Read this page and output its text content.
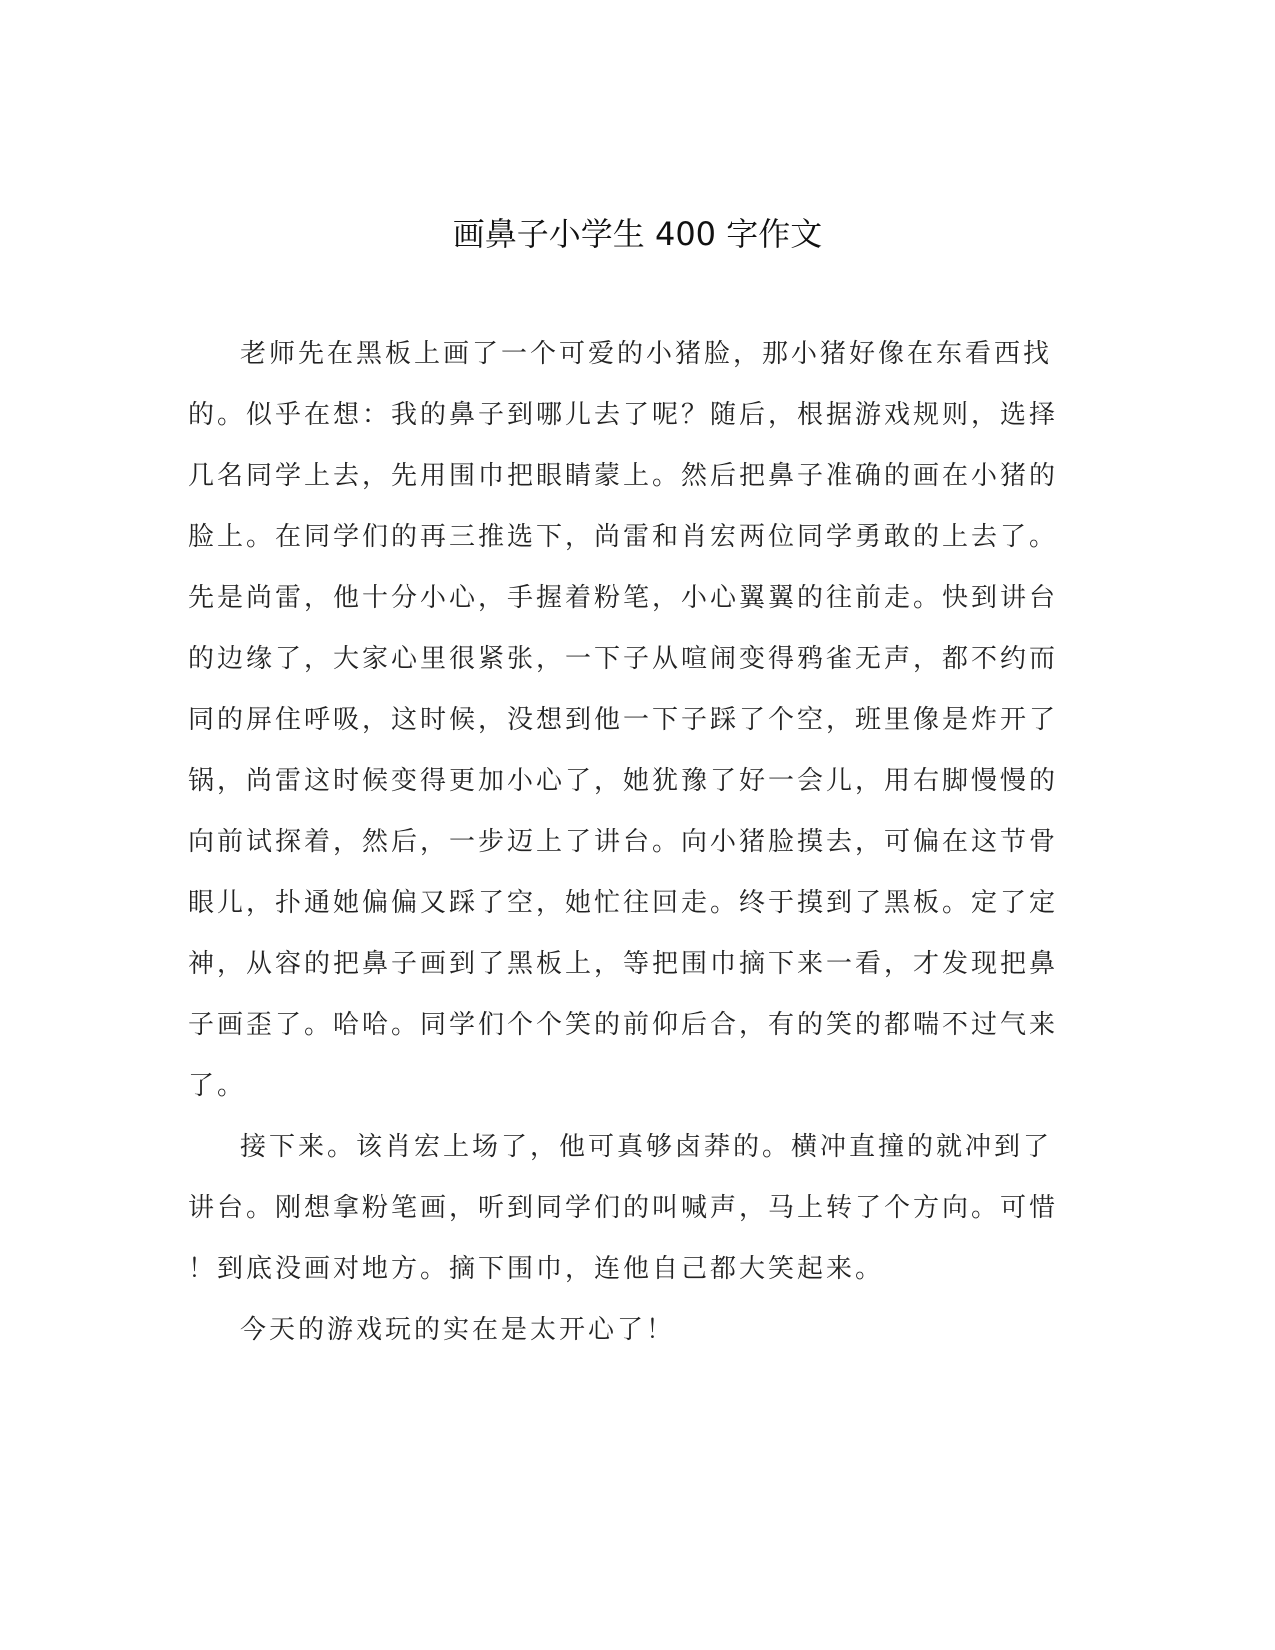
画鼻子小学生 400 字作文

老师先在黑板上画了一个可爱的小猪脸，那小猪好像在东看西找
的。似乎在想：我的鼻子到哪儿去了呢？随后，根据游戏规则，选择
几名同学上去，先用围巾把眼睛蒙上。然后把鼻子准确的画在小猪的
脸上。在同学们的再三推选下，尚雷和肖宏两位同学勇敢的上去了。
先是尚雷，他十分小心，手握着粉笔，小心翼翼的往前走。快到讲台
的边缘了，大家心里很紧张，一下子从喧闹变得鸦雀无声，都不约而
同的屏住呼吸，这时候，没想到他一下子踩了个空，班里像是炸开了
锅，尚雷这时候变得更加小心了，她犹豫了好一会儿，用右脚慢慢的
向前试探着，然后，一步迈上了讲台。向小猪脸摸去，可偏在这节骨
眼儿，扑通她偏偏又踩了空，她忙往回走。终于摸到了黑板。定了定
神，从容的把鼻子画到了黑板上，等把围巾摘下来一看，才发现把鼻
子画歪了。哈哈。同学们个个笑的前仰后合，有的笑的都喘不过气来
了。

接下来。该肖宏上场了，他可真够卤莽的。横冲直撞的就冲到了
讲台。刚想拿粉笔画，听到同学们的叫喊声，马上转了个方向。可惜
！到底没画对地方。摘下围巾，连他自己都大笑起来。

今天的游戏玩的实在是太开心了！
